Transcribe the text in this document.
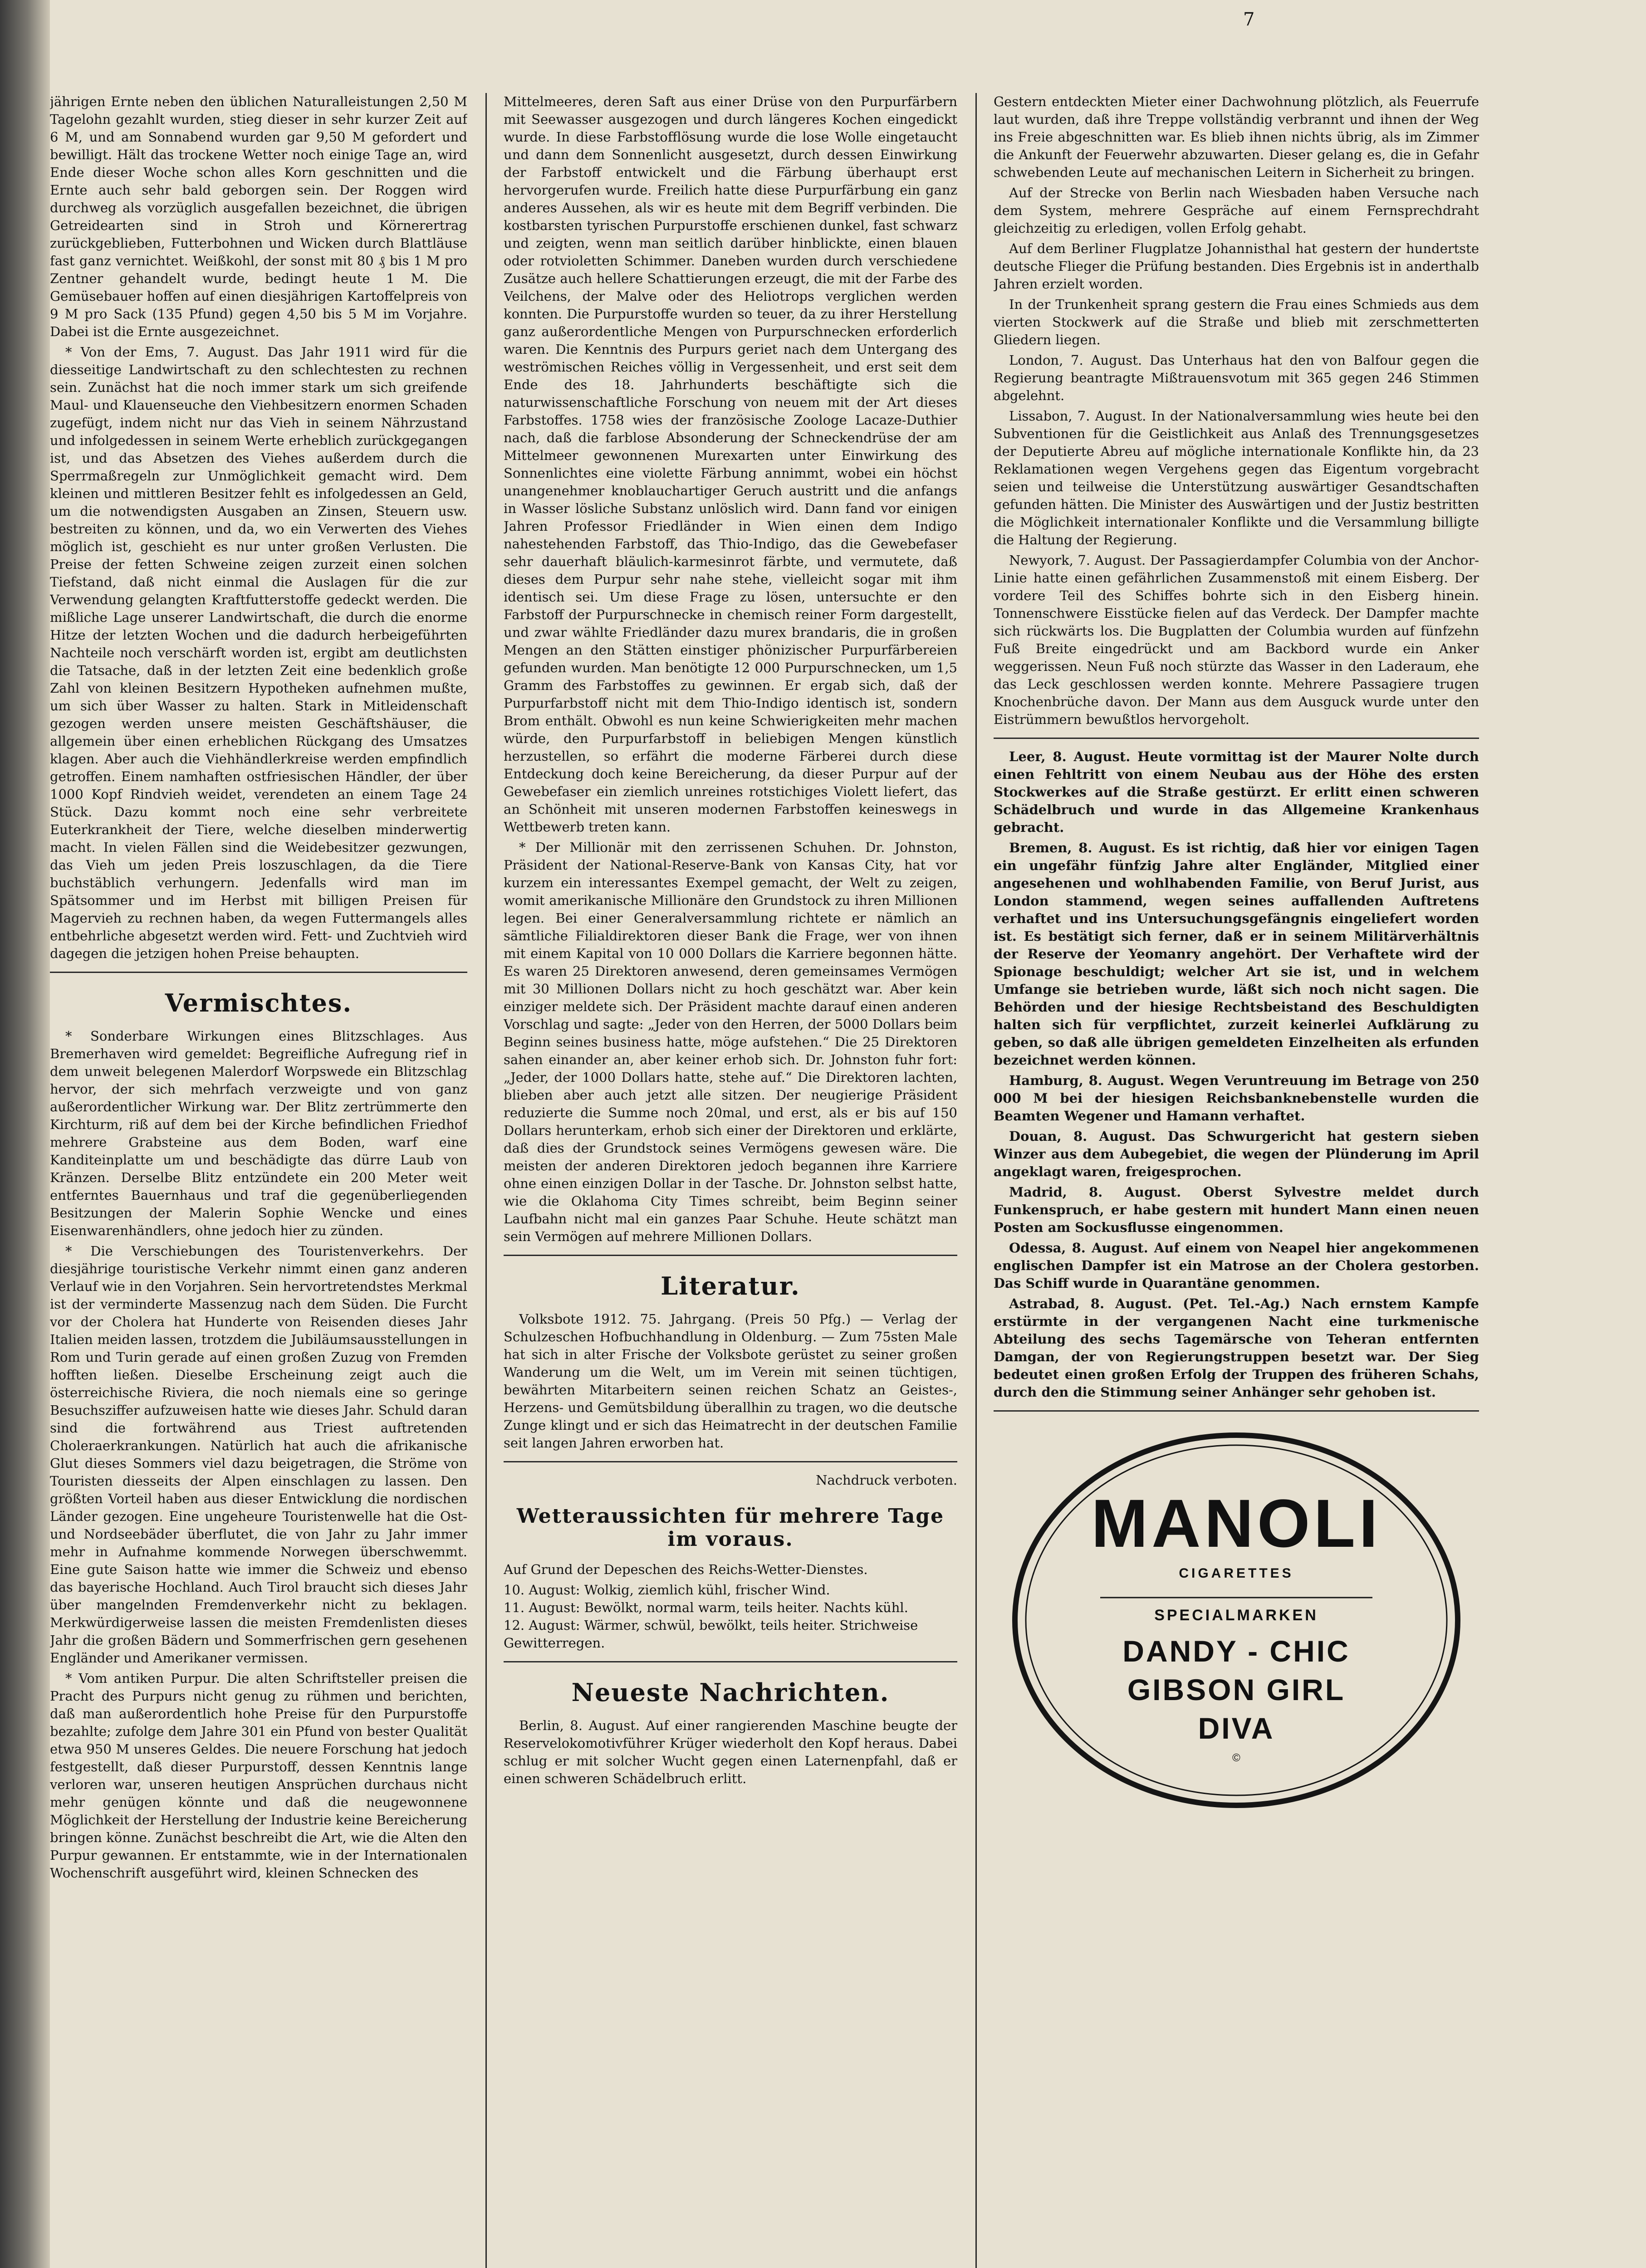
7

jährigen Ernte neben den üblichen Naturalleistungen 2,50 M Tagelohn gezahlt wurden, stieg dieser in sehr kurzer Zeit auf 6 M, und am Sonnabend wurden gar 9,50 M gefordert und bewilligt. Hält das trockene Wetter noch einige Tage an, wird Ende dieser Woche schon alles Korn geschnitten und die Ernte auch sehr bald geborgen sein. Der Roggen wird durchweg als vorzüglich ausgefallen bezeichnet, die übrigen Getreidearten sind in Stroh und Körnerertrag zurückgeblieben, Futterbohnen und Wicken durch Blattläuse fast ganz vernichtet. Weißkohl, der sonst mit 80 ₰ bis 1 M pro Zentner gehandelt wurde, bedingt heute 1 M. Die Gemüsebauer hoffen auf einen diesjährigen Kartoffelpreis von 9 M pro Sack (135 Pfund) gegen 4,50 bis 5 M im Vorjahre. Dabei ist die Ernte ausgezeichnet.

* Von der Ems, 7. August. Das Jahr 1911 wird für die diesseitige Landwirtschaft zu den schlechtesten zu rechnen sein. Zunächst hat die noch immer stark um sich greifende Maul- und Klauenseuche den Viehbesitzern enormen Schaden zugefügt, indem nicht nur das Vieh in seinem Nährzustand und infolgedessen in seinem Werte erheblich zurückgegangen ist, und das Absetzen des Viehes außerdem durch die Sperrmaßregeln zur Unmöglichkeit gemacht wird. Dem kleinen und mittleren Besitzer fehlt es infolgedessen an Geld, um die notwendigsten Ausgaben an Zinsen, Steuern usw. bestreiten zu können, und da, wo ein Verwerten des Viehes möglich ist, geschieht es nur unter großen Verlusten. Die Preise der fetten Schweine zeigen zurzeit einen solchen Tiefstand, daß nicht einmal die Auslagen für die zur Verwendung gelangten Kraftfutterstoffe gedeckt werden. Die mißliche Lage unserer Landwirtschaft, die durch die enorme Hitze der letzten Wochen und die dadurch herbeigeführten Nachteile noch verschärft worden ist, ergibt am deutlichsten die Tatsache, daß in der letzten Zeit eine bedenklich große Zahl von kleinen Besitzern Hypotheken aufnehmen mußte, um sich über Wasser zu halten. Stark in Mitleidenschaft gezogen werden unsere meisten Geschäftshäuser, die allgemein über einen erheblichen Rückgang des Umsatzes klagen. Aber auch die Viehhändlerkreise werden empfindlich getroffen. Einem namhaften ostfriesischen Händler, der über 1000 Kopf Rindvieh weidet, verendeten an einem Tage 24 Stück. Dazu kommt noch eine sehr verbreitete Euterkrankheit der Tiere, welche dieselben minderwertig macht. In vielen Fällen sind die Weidebesitzer gezwungen, das Vieh um jeden Preis loszuschlagen, da die Tiere buchstäblich verhungern. Jedenfalls wird man im Spätsommer und im Herbst mit billigen Preisen für Magervieh zu rechnen haben, da wegen Futtermangels alles entbehrliche abgesetzt werden wird. Fett- und Zuchtvieh wird dagegen die jetzigen hohen Preise behaupten.

Vermischtes.

* Sonderbare Wirkungen eines Blitzschlages. Aus Bremerhaven wird gemeldet: Begreifliche Aufregung rief in dem unweit belegenen Malerdorf Worpswede ein Blitzschlag hervor, der sich mehrfach verzweigte und von ganz außerordentlicher Wirkung war. Der Blitz zertrümmerte den Kirchturm, riß auf dem bei der Kirche befindlichen Friedhof mehrere Grabsteine aus dem Boden, warf eine Kanditeinplatte um und beschädigte das dürre Laub von Kränzen. Derselbe Blitz entzündete ein 200 Meter weit entferntes Bauernhaus und traf die gegenüberliegenden Besitzungen der Malerin Sophie Wencke und eines Eisenwarenhändlers, ohne jedoch hier zu zünden.

* Die Verschiebungen des Touristenverkehrs. Der diesjährige touristische Verkehr nimmt einen ganz anderen Verlauf wie in den Vorjahren. Sein hervortretendstes Merkmal ist der verminderte Massenzug nach dem Süden. Die Furcht vor der Cholera hat Hunderte von Reisenden dieses Jahr Italien meiden lassen, trotzdem die Jubiläumsausstellungen in Rom und Turin gerade auf einen großen Zuzug von Fremden hofften ließen. Dieselbe Erscheinung zeigt auch die österreichische Riviera, die noch niemals eine so geringe Besuchsziffer aufzuweisen hatte wie dieses Jahr. Schuld daran sind die fortwährend aus Triest auftretenden Choleraerkrankungen. Natürlich hat auch die afrikanische Glut dieses Sommers viel dazu beigetragen, die Ströme von Touristen diesseits der Alpen einschlagen zu lassen. Den größten Vorteil haben aus dieser Entwicklung die nordischen Länder gezogen. Eine ungeheure Touristenwelle hat die Ost- und Nordseebäder überflutet, die von Jahr zu Jahr immer mehr in Aufnahme kommende Norwegen überschwemmt. Eine gute Saison hatte wie immer die Schweiz und ebenso das bayerische Hochland. Auch Tirol braucht sich dieses Jahr über mangelnden Fremdenverkehr nicht zu beklagen. Merkwürdigerweise lassen die meisten Fremdenlisten dieses Jahr die großen Bädern und Sommerfrischen gern gesehenen Engländer und Amerikaner vermissen.

* Vom antiken Purpur. Die alten Schriftsteller preisen die Pracht des Purpurs nicht genug zu rühmen und berichten, daß man außerordentlich hohe Preise für den Purpurstoffe bezahlte; zufolge dem Jahre 301 ein Pfund von bester Qualität etwa 950 M unseres Geldes. Die neuere Forschung hat jedoch festgestellt, daß dieser Purpurstoff, dessen Kenntnis lange verloren war, unseren heutigen Ansprüchen durchaus nicht mehr genügen könnte und daß die neugewonnene Möglichkeit der Herstellung der Industrie keine Bereicherung bringen könne. Zunächst beschreibt die Art, wie die Alten den Purpur gewannen. Er entstammte, wie in der Internationalen Wochenschrift ausgeführt wird, kleinen Schnecken des

Mittelmeeres, deren Saft aus einer Drüse von den Purpurfärbern mit Seewasser ausgezogen und durch längeres Kochen eingedickt wurde. In diese Farbstofflösung wurde die lose Wolle eingetaucht und dann dem Sonnenlicht ausgesetzt, durch dessen Einwirkung der Farbstoff entwickelt und die Färbung überhaupt erst hervorgerufen wurde. Freilich hatte diese Purpurfärbung ein ganz anderes Aussehen, als wir es heute mit dem Begriff verbinden. Die kostbarsten tyrischen Purpurstoffe erschienen dunkel, fast schwarz und zeigten, wenn man seitlich darüber hinblickte, einen blauen oder rotvioletten Schimmer. Daneben wurden durch verschiedene Zusätze auch hellere Schattierungen erzeugt, die mit der Farbe des Veilchens, der Malve oder des Heliotrops verglichen werden konnten. Die Purpurstoffe wurden so teuer, da zu ihrer Herstellung ganz außerordentliche Mengen von Purpurschnecken erforderlich waren. Die Kenntnis des Purpurs geriet nach dem Untergang des weströmischen Reiches völlig in Vergessenheit, und erst seit dem Ende des 18. Jahrhunderts beschäftigte sich die naturwissenschaftliche Forschung von neuem mit der Art dieses Farbstoffes. 1758 wies der französische Zoologe Lacaze-Duthier nach, daß die farblose Absonderung der Schneckendrüse der am Mittelmeer gewonnenen Murexarten unter Einwirkung des Sonnenlichtes eine violette Färbung annimmt, wobei ein höchst unangenehmer knoblauchartiger Geruch austritt und die anfangs in Wasser lösliche Substanz unlöslich wird. Dann fand vor einigen Jahren Professor Friedländer in Wien einen dem Indigo nahestehenden Farbstoff, das Thio-Indigo, das die Gewebefaser sehr dauerhaft bläulich-karmesinrot färbte, und vermutete, daß dieses dem Purpur sehr nahe stehe, vielleicht sogar mit ihm identisch sei. Um diese Frage zu lösen, untersuchte er den Farbstoff der Purpurschnecke in chemisch reiner Form dargestellt, und zwar wählte Friedländer dazu murex brandaris, die in großen Mengen an den Stätten einstiger phönizischer Purpurfärbereien gefunden wurden. Man benötigte 12 000 Purpurschnecken, um 1,5 Gramm des Farbstoffes zu gewinnen. Er ergab sich, daß der Purpurfarbstoff nicht mit dem Thio-Indigo identisch ist, sondern Brom enthält. Obwohl es nun keine Schwierigkeiten mehr machen würde, den Purpurfarbstoff in beliebigen Mengen künstlich herzustellen, so erfährt die moderne Färberei durch diese Entdeckung doch keine Bereicherung, da dieser Purpur auf der Gewebefaser ein ziemlich unreines rotstichiges Violett liefert, das an Schönheit mit unseren modernen Farbstoffen keineswegs in Wettbewerb treten kann.

* Der Millionär mit den zerrissenen Schuhen. Dr. Johnston, Präsident der National-Reserve-Bank von Kansas City, hat vor kurzem ein interessantes Exempel gemacht, der Welt zu zeigen, womit amerikanische Millionäre den Grundstock zu ihren Millionen legen. Bei einer Generalversammlung richtete er nämlich an sämtliche Filialdirektoren dieser Bank die Frage, wer von ihnen mit einem Kapital von 10 000 Dollars die Karriere begonnen hätte. Es waren 25 Direktoren anwesend, deren gemeinsames Vermögen mit 30 Millionen Dollars nicht zu hoch geschätzt war. Aber kein einziger meldete sich. Der Präsident machte darauf einen anderen Vorschlag und sagte: „Jeder von den Herren, der 5000 Dollars beim Beginn seines business hatte, möge aufstehen.“ Die 25 Direktoren sahen einander an, aber keiner erhob sich. Dr. Johnston fuhr fort: „Jeder, der 1000 Dollars hatte, stehe auf.“ Die Direktoren lachten, blieben aber auch jetzt alle sitzen. Der neugierige Präsident reduzierte die Summe noch 20mal, und erst, als er bis auf 150 Dollars herunterkam, erhob sich einer der Direktoren und erklärte, daß dies der Grundstock seines Vermögens gewesen wäre. Die meisten der anderen Direktoren jedoch begannen ihre Karriere ohne einen einzigen Dollar in der Tasche. Dr. Johnston selbst hatte, wie die Oklahoma City Times schreibt, beim Beginn seiner Laufbahn nicht mal ein ganzes Paar Schuhe. Heute schätzt man sein Vermögen auf mehrere Millionen Dollars.

Literatur.

Volksbote 1912. 75. Jahrgang. (Preis 50 Pfg.) — Verlag der Schulzeschen Hofbuchhandlung in Oldenburg. — Zum 75sten Male hat sich in alter Frische der Volksbote gerüstet zu seiner großen Wanderung um die Welt, um im Verein mit seinen tüchtigen, bewährten Mitarbeitern seinen reichen Schatz an Geistes-, Herzens- und Gemütsbildung überallhin zu tragen, wo die deutsche Zunge klingt und er sich das Heimatrecht in der deutschen Familie seit langen Jahren erworben hat.

Nachdruck verboten.
Wetteraussichten für mehrere Tage im voraus.

Auf Grund der Depeschen des Reichs-Wetter-Dienstes.

10. August: Wolkig, ziemlich kühl, frischer Wind.
11. August: Bewölkt, normal warm, teils heiter. Nachts kühl.
12. August: Wärmer, schwül, bewölkt, teils heiter. Strichweise Gewitterregen.
Neueste Nachrichten.

Berlin, 8. August. Auf einer rangierenden Maschine beugte der Reservelokomotivführer Krüger wiederholt den Kopf heraus. Dabei schlug er mit solcher Wucht gegen einen Laternenpfahl, daß er einen schweren Schädelbruch erlitt.

Gestern entdeckten Mieter einer Dachwohnung plötzlich, als Feuerrufe laut wurden, daß ihre Treppe vollständig verbrannt und ihnen der Weg ins Freie abgeschnitten war. Es blieb ihnen nichts übrig, als im Zimmer die Ankunft der Feuerwehr abzuwarten. Dieser gelang es, die in Gefahr schwebenden Leute auf mechanischen Leitern in Sicherheit zu bringen.

Auf der Strecke von Berlin nach Wiesbaden haben Versuche nach dem System, mehrere Gespräche auf einem Fernsprechdraht gleichzeitig zu erledigen, vollen Erfolg gehabt.

Auf dem Berliner Flugplatze Johannisthal hat gestern der hundertste deutsche Flieger die Prüfung bestanden. Dies Ergebnis ist in anderthalb Jahren erzielt worden.

In der Trunkenheit sprang gestern die Frau eines Schmieds aus dem vierten Stockwerk auf die Straße und blieb mit zerschmetterten Gliedern liegen.

London, 7. August. Das Unterhaus hat den von Balfour gegen die Regierung beantragte Mißtrauensvotum mit 365 gegen 246 Stimmen abgelehnt.

Lissabon, 7. August. In der Nationalversammlung wies heute bei den Subventionen für die Geistlichkeit aus Anlaß des Trennungsgesetzes der Deputierte Abreu auf mögliche internationale Konflikte hin, da 23 Reklamationen wegen Vergehens gegen das Eigentum vorgebracht seien und teilweise die Unterstützung auswärtiger Gesandtschaften gefunden hätten. Die Minister des Auswärtigen und der Justiz bestritten die Möglichkeit internationaler Konflikte und die Versammlung billigte die Haltung der Regierung.

Newyork, 7. August. Der Passagierdampfer Columbia von der Anchor-Linie hatte einen gefährlichen Zusammenstoß mit einem Eisberg. Der vordere Teil des Schiffes bohrte sich in den Eisberg hinein. Tonnenschwere Eisstücke fielen auf das Verdeck. Der Dampfer machte sich rückwärts los. Die Bugplatten der Columbia wurden auf fünfzehn Fuß Breite eingedrückt und am Backbord wurde ein Anker weggerissen. Neun Fuß noch stürzte das Wasser in den Laderaum, ehe das Leck geschlossen werden konnte. Mehrere Passagiere trugen Knochenbrüche davon. Der Mann aus dem Ausguck wurde unter den Eistrümmern bewußtlos hervorgeholt.

Leer, 8. August. Heute vormittag ist der Maurer Nolte durch einen Fehltritt von einem Neubau aus der Höhe des ersten Stockwerkes auf die Straße gestürzt. Er erlitt einen schweren Schädelbruch und wurde in das Allgemeine Krankenhaus gebracht.

Bremen, 8. August. Es ist richtig, daß hier vor einigen Tagen ein ungefähr fünfzig Jahre alter Engländer, Mitglied einer angesehenen und wohlhabenden Familie, von Beruf Jurist, aus London stammend, wegen seines auffallenden Auftretens verhaftet und ins Untersuchungsgefängnis eingeliefert worden ist. Es bestätigt sich ferner, daß er in seinem Militärverhältnis der Reserve der Yeomanry angehört. Der Verhaftete wird der Spionage beschuldigt; welcher Art sie ist, und in welchem Umfange sie betrieben wurde, läßt sich noch nicht sagen. Die Behörden und der hiesige Rechtsbeistand des Beschuldigten halten sich für verpflichtet, zurzeit keinerlei Aufklärung zu geben, so daß alle übrigen gemeldeten Einzelheiten als erfunden bezeichnet werden können.

Hamburg, 8. August. Wegen Veruntreuung im Betrage von 250 000 M bei der hiesigen Reichsbanknebenstelle wurden die Beamten Wegener und Hamann verhaftet.

Douan, 8. August. Das Schwurgericht hat gestern sieben Winzer aus dem Aubegebiet, die wegen der Plünderung im April angeklagt waren, freigesprochen.

Madrid, 8. August. Oberst Sylvestre meldet durch Funkenspruch, er habe gestern mit hundert Mann einen neuen Posten am Sockusflusse eingenommen.

Odessa, 8. August. Auf einem von Neapel hier angekommenen englischen Dampfer ist ein Matrose an der Cholera gestorben. Das Schiff wurde in Quarantäne genommen.

Astrabad, 8. August. (Pet. Tel.-Ag.) Nach ernstem Kampfe erstürmte in der vergangenen Nacht eine turkmenische Abteilung des sechs Tagemärsche von Teheran entfernten Damgan, der von Regierungstruppen besetzt war. Der Sieg bedeutet einen großen Erfolg der Truppen des früheren Schahs, durch den die Stimmung seiner Anhänger sehr gehoben ist.

MANOLI
CIGARETTES
SPECIALMARKEN
DANDY - CHIC
GIBSON GIRL
DIVA
©
